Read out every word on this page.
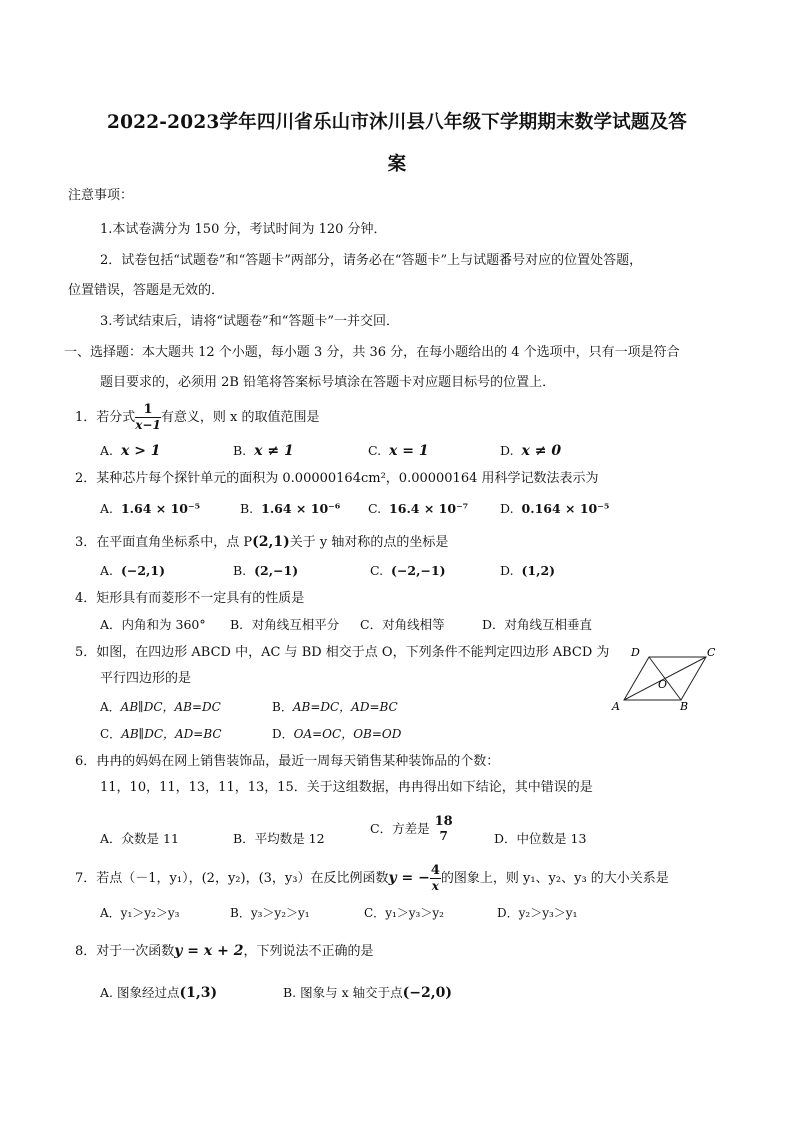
2022-2023学年四川省乐山市沐川县八年级下学期期末数学试题及答
案
注意事项：
1.本试卷满分为 150 分，考试时间为 120 分钟．
2．试卷包括“试题卷”和“答题卡”两部分，请务必在“答题卡”上与试题番号对应的位置处答题，
位置错误，答题是无效的．
3.考试结束后，请将“试题卷”和“答题卡”一并交回．
一、选择题：本大题共 12 个小题，每小题 3 分，共 36 分，在每小题给出的 4 个选项中，只有一项是符合
题目要求的，必须用 2B 铅笔将答案标号填涂在答题卡对应题目标号的位置上．
1．若分式 $\frac{1}{x-1}$ 有意义，则 x 的取值范围是
A. x > 1	B. x ≠ 1	C. x = 1	D. x ≠ 0
2．某种芯片每个探针单元的面积为 0.00000164cm²，0.00000164 用科学记数法表示为
A. 1.64 × 10⁻⁵	B. 1.64 × 10⁻⁶ C. 16.4 × 10⁻⁷	D. 0.164 × 10⁻⁵
3．在平面直角坐标系中，点 P(2,1)关于 y 轴对称的点的坐标是
A. (−2,1)	B. (2,−1)	C. (−2,−1)	D. (1,2)
4．矩形具有而菱形不一定具有的性质是
A．内角和为 360° B．对角线互相平分 C．对角线相等	D．对角线互相垂直
5．如图，在四边形 ABCD 中，AC 与 BD 相交于点 O，下列条件不能判定四边形 ABCD 为
平行四边形的是
A．AB∥DC，AB=DC	B．AB=DC，AD=BC
C．AB∥DC，AD=BC	D．OA=OC，OB=OD
A	B
C
D
O
6．冉冉的妈妈在网上销售装饰品，最近一周每天销售某种装饰品的个数：
11，10，11，13，11，13，15．关于这组数据，冉冉得出如下结论，其中错误的是
A．众数是 11	B．平均数是 12
C．方差是 18
7	D．中位数是 13
7．若点（－1，y₁），(2，y₂)，(3，y₃）在反比例函数y = − $\frac{4}{x}$ 的图象上，则 y₁、y₂、y₃ 的大小关系是
A．y₁＞y₂＞y₃	B．y₃＞y₂＞y₁	C．y₁＞y₃＞y₂	D．y₂＞y₃＞y₁
8．对于一次函数y = x + 2，下列说法不正确的是
A. 图象经过点(1,3)	B. 图象与 x 轴交于点(−2,0)
